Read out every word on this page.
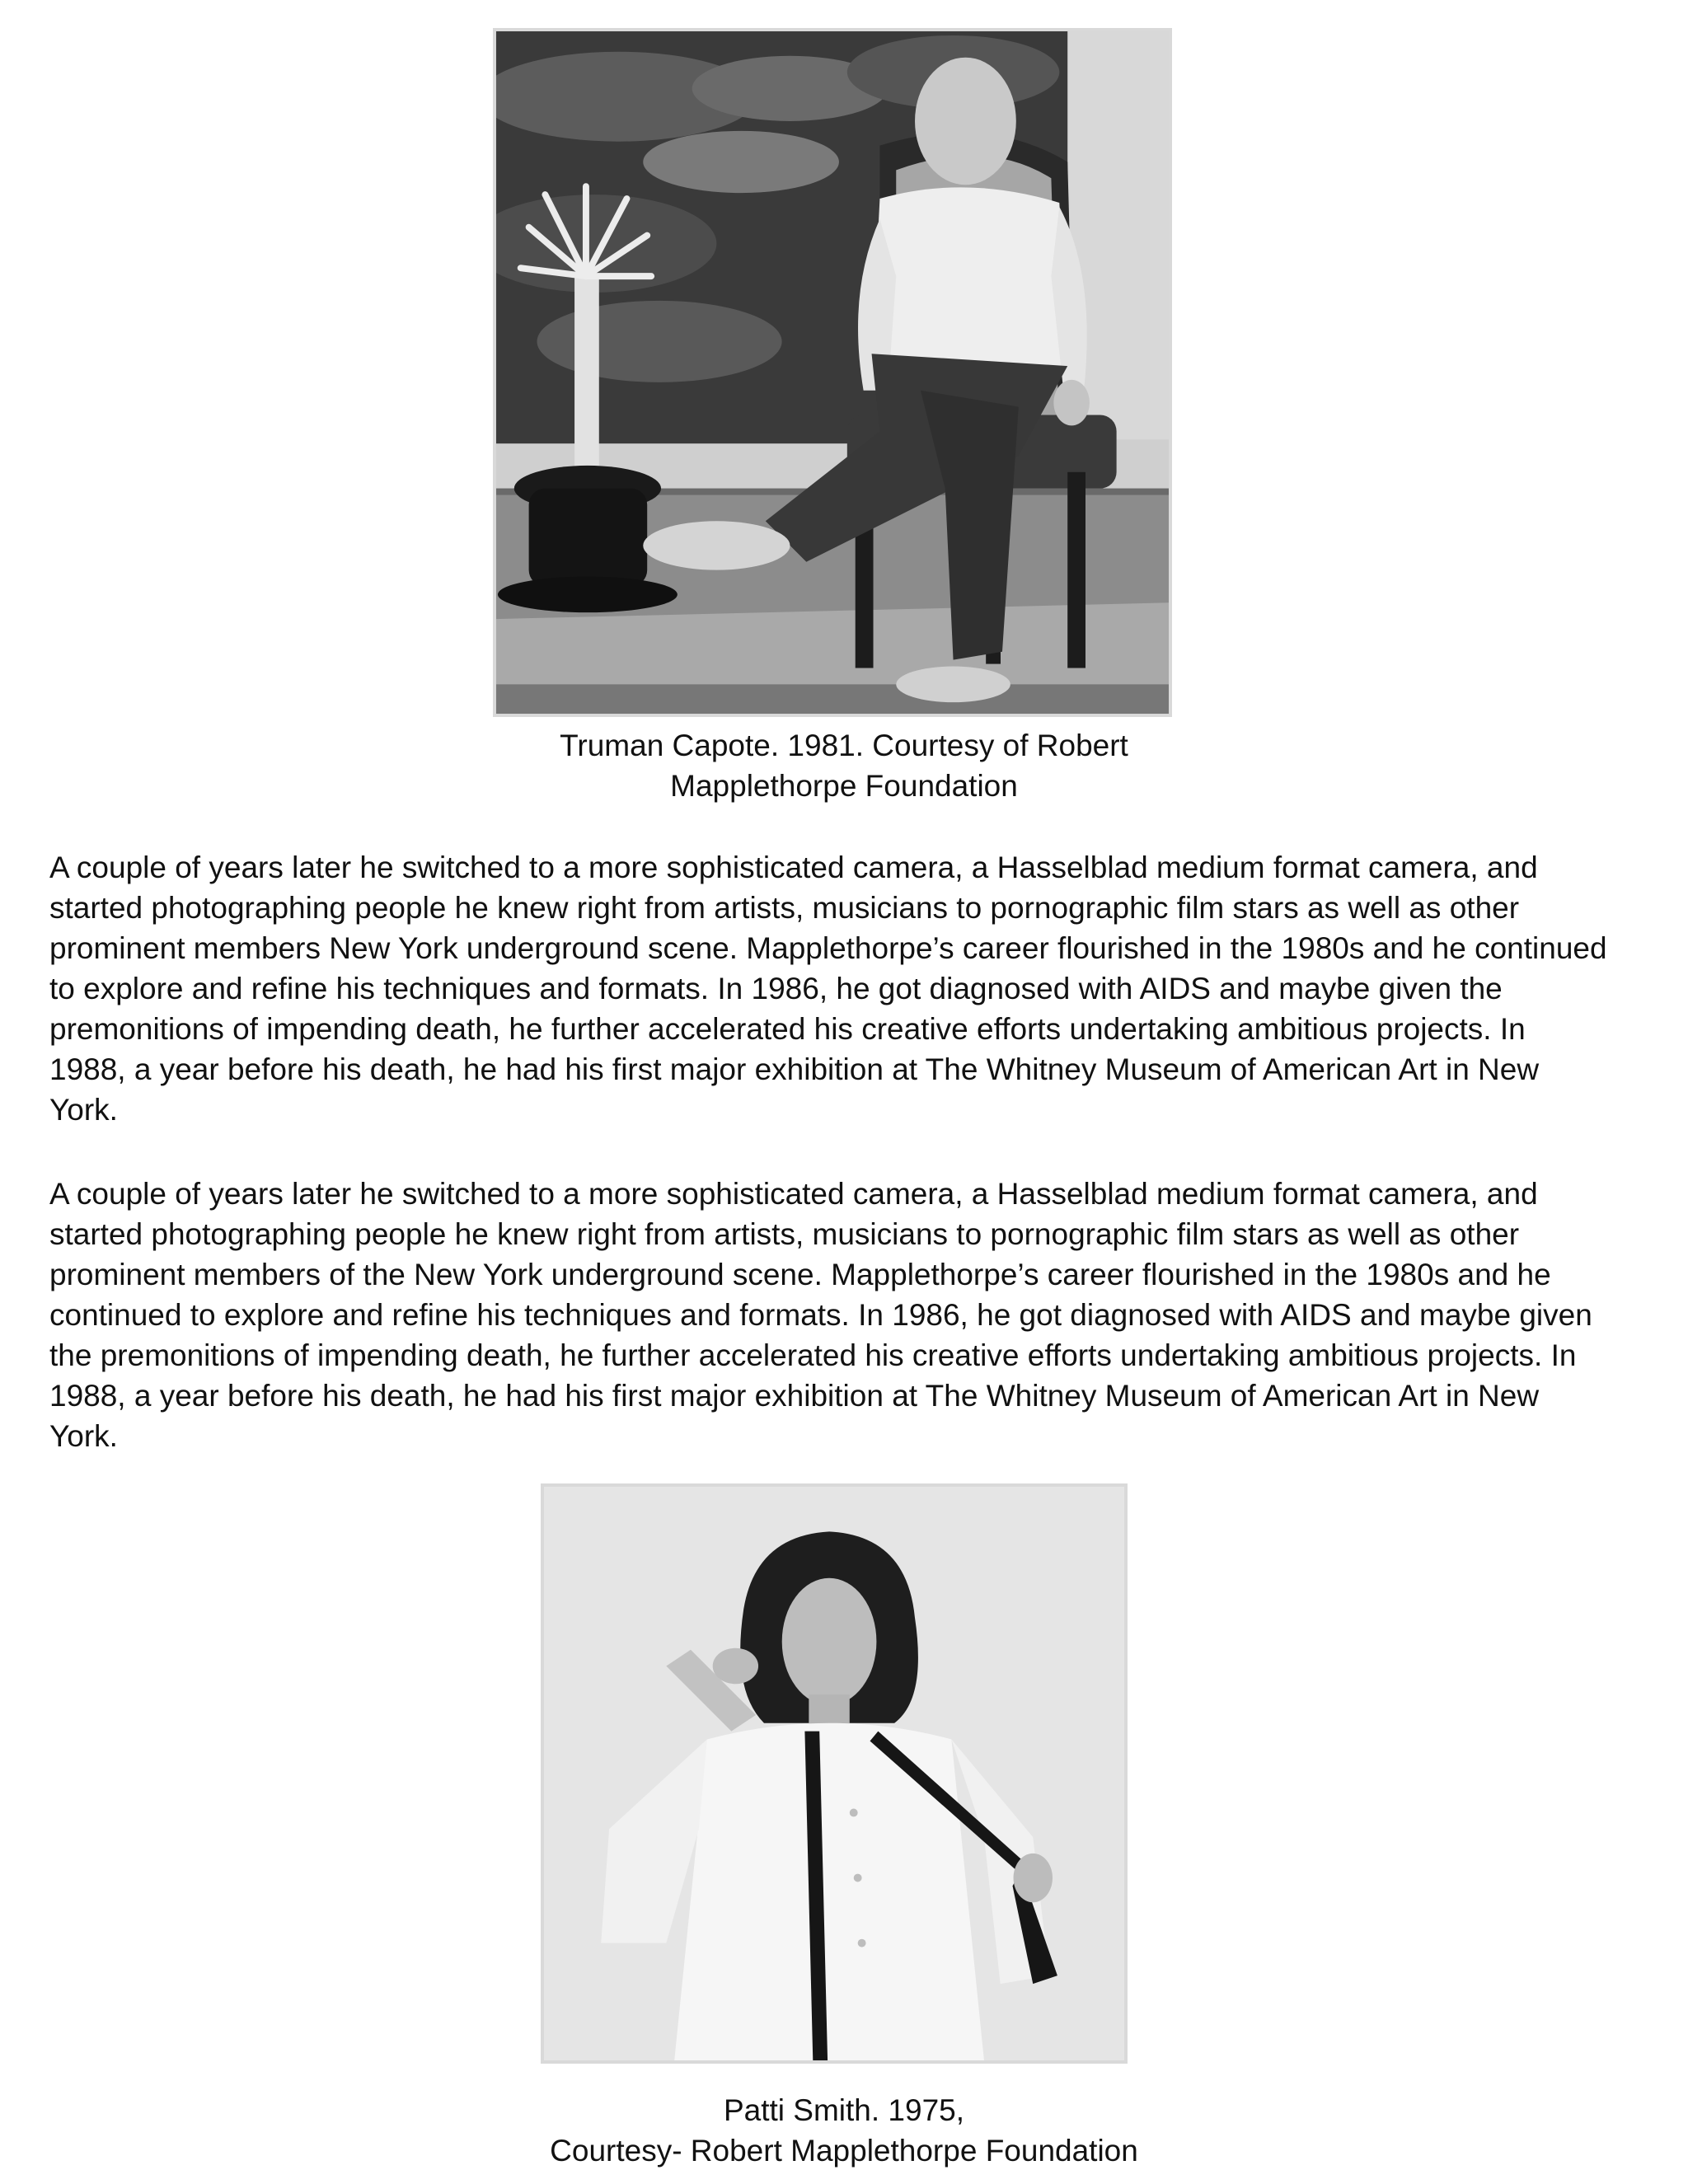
Truman Capote. 1981. Courtesy of Robert
Mapplethorpe Foundation

A couple of years later he switched to a more sophisticated camera, a Hasselblad medium format camera, and
started photographing people he knew right from artists, musicians to pornographic film stars as well as other
prominent members New York underground scene. Mapplethorpe’s career flourished in the 1980s and he continued
to explore and refine his techniques and formats. In 1986, he got diagnosed with AIDS and maybe given the
premonitions of impending death, he further accelerated his creative efforts undertaking ambitious projects. In
1988, a year before his death, he had his first major exhibition at The Whitney Museum of American Art in New
York.

A couple of years later he switched to a more sophisticated camera, a Hasselblad medium format camera, and
started photographing people he knew right from artists, musicians to pornographic film stars as well as other
prominent members of the New York underground scene. Mapplethorpe’s career flourished in the 1980s and he
continued to explore and refine his techniques and formats. In 1986, he got diagnosed with AIDS and maybe given
the premonitions of impending death, he further accelerated his creative efforts undertaking ambitious projects. In
1988, a year before his death, he had his first major exhibition at The Whitney Museum of American Art in New
York.

Patti Smith. 1975,
Courtesy- Robert Mapplethorpe Foundation
